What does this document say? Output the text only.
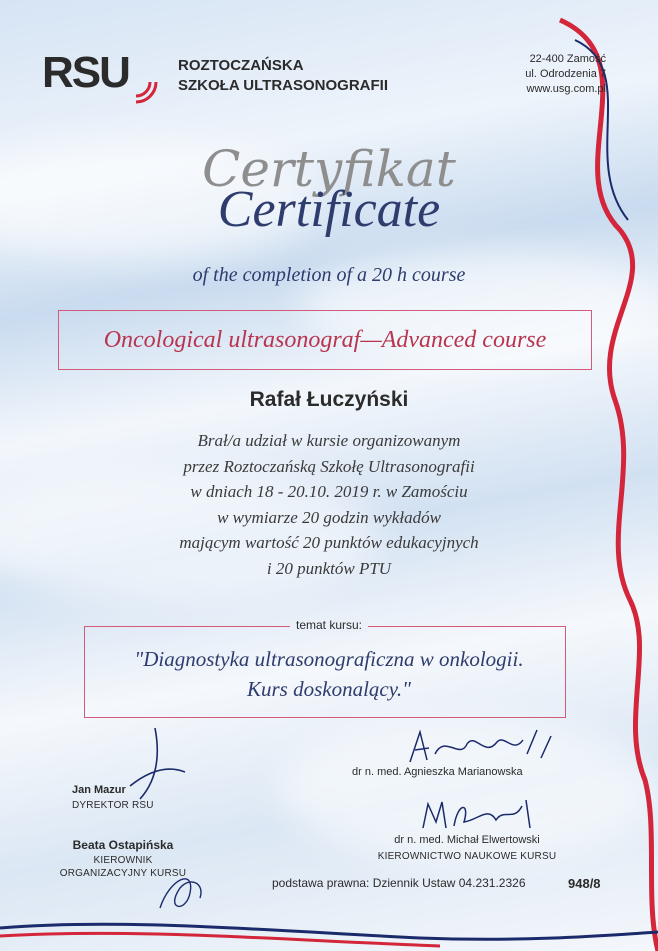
RSU	ROZTOCZAŃSKA
SZKOŁA ULTRASONOGRAFII
22-400 Zamość
ul. Odrodzenia 7
www.usg.com.pl
Certyfikat
Certificate
of the completion of a 20 h course
Oncological ultrasonograf—Advanced course
Rafał Łuczyński
Brał/a udział w kursie organizowanym
przez Roztoczańską Szkołę Ultrasonografii
w dniach 18 - 20.10. 2019 r. w Zamościu
w wymiarze 20 godzin wykładów
mającym wartość 20 punktów edukacyjnych
i 20 punktów PTU
temat kursu:
"Diagnostyka ultrasonograficzna w onkologii.
Kurs doskonalący."
Jan Mazur
DYREKTOR RSU
Beata Ostapińska
KIEROWNIK
ORGANIZACYJNY KURSU
dr n. med. Agnieszka Marianowska
dr n. med. Michał Elwertowski
KIEROWNICTWO NAUKOWE KURSU
podstawa prawna: Dziennik Ustaw 04.231.2326	948/8
